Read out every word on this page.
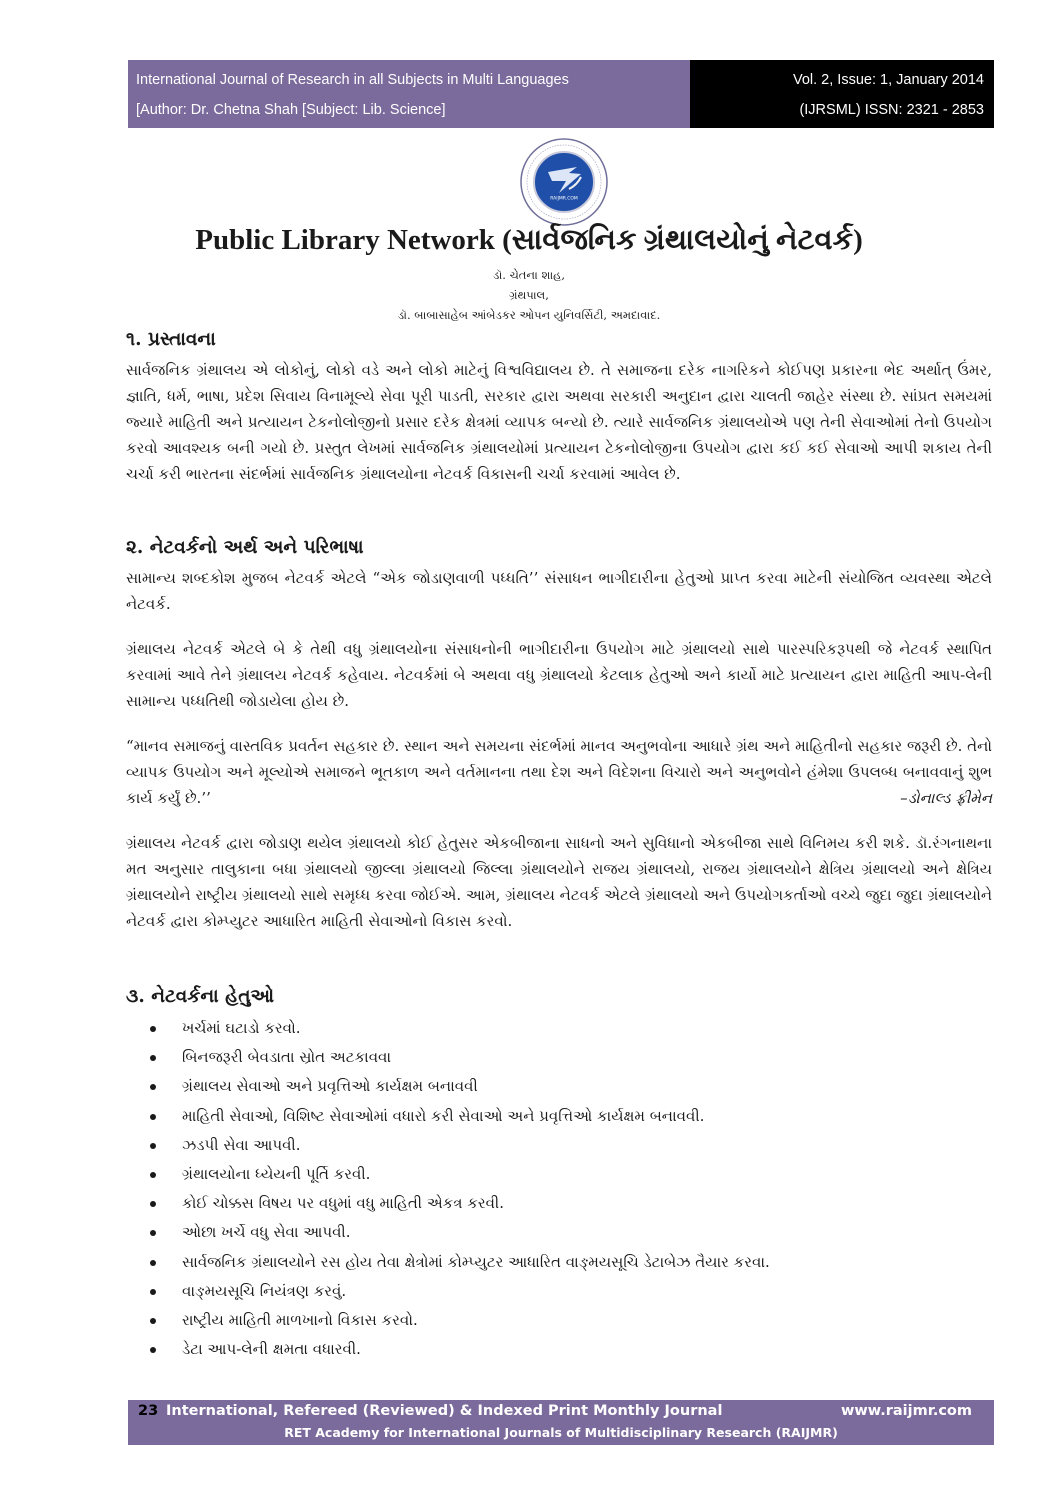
International Journal of Research in all Subjects in Multi Languages
[Author: Dr. Chetna Shah [Subject: Lib. Science]
Vol. 2, Issue: 1, January 2014
(IJRSML) ISSN: 2321 - 2853
RAIJMR.COM
Public Library Network (સાર્વજનિક ગ્રંથાલયોનું નેટવર્ક)
ડૉ. ચેતના શાહ,
ગ્રંથપાલ,
ડૉ. બાબાસાહેબ આંબેડકર ઓપન યુનિવર્સિટી, અમદાવાદ.
૧. પ્રસ્તાવના
સાર્વજનિક ગ્રંથાલય એ લોકોનું, લોકો વડે અને લોકો માટેનું વિશ્વવિદ્યાલય છે. તે સમાજના દરેક નાગરિકને કોઈપણ પ્રકારના ભેદ અર્થાત્ ઉંમર, જ્ઞાતિ, ધર્મ, ભાષા, પ્રદેશ સિવાય વિનામૂલ્યે સેવા પૂરી પાડતી, સરકાર દ્વારા અથવા સરકારી અનુદાન દ્વારા ચાલતી જાહેર સંસ્થા છે. સાંપ્રત સમયમાં જ્યારે માહિતી અને પ્રત્યાયન ટેકનોલોજીનો પ્રસાર દરેક ક્ષેત્રમાં વ્યાપક બન્યો છે. ત્યારે સાર્વજનિક ગ્રંથાલયોએ પણ તેની સેવાઓમાં તેનો ઉપયોગ કરવો આવશ્યક બની ગયો છે. પ્રસ્તુત લેખમાં સાર્વજનિક ગ્રંથાલયોમાં પ્રત્યાયન ટેકનોલોજીના ઉપયોગ દ્વારા કઈ કઈ સેવાઓ આપી શકાય તેની ચર્ચા કરી ભારતના સંદર્ભમાં સાર્વજનિક ગ્રંથાલયોના નેટવર્ક વિકાસની ચર્ચા કરવામાં આવેલ છે.
૨. નેટવર્કનો અર્થ અને પરિભાષા
સામાન્ય શબ્દકોશ મુજબ નેટવર્ક એટલે “એક જોડાણવાળી પધ્ધતિ’’ સંસાધન ભાગીદારીના હેતુઓ પ્રાપ્ત કરવા માટેની સંયોજિત વ્યવસ્થા એટલે નેટવર્ક.
ગ્રંથાલય નેટવર્ક એટલે બે કે તેથી વધુ ગ્રંથાલયોના સંસાધનોની ભાગીદારીના ઉપયોગ માટે ગ્રંથાલયો સાથે પારસ્પરિકરૂપથી જે નેટવર્ક સ્થાપિત કરવામાં આવે તેને ગ્રંથાલય નેટવર્ક કહેવાય. નેટવર્કમાં બે અથવા વધુ ગ્રંથાલયો કેટલાક હેતુઓ અને કાર્યો માટે પ્રત્યાયન દ્વારા માહિતી આપ-લેની સામાન્ય પધ્ધતિથી જોડાયેલા હોય છે.
“માનવ સમાજનું વાસ્તવિક પ્રવર્તન સહકાર છે. સ્થાન અને સમયના સંદર્ભમાં માનવ અનુભવોના આધારે ગ્રંથ અને માહિતીનો સહકાર જરૂરી છે. તેનો વ્યાપક ઉપયોગ અને મૂલ્યોએ સમાજને ભૂતકાળ અને વર્તમાનના તથા દેશ અને વિદેશના વિચારો અને અનુભવોને હંમેશા ઉપલબ્ધ બનાવવાનું શુભ કાર્ય કર્યું છે.’’	–ડોનાલ્ડ ફ્રીમેન
ગ્રંથાલય નેટવર્ક દ્વારા જોડાણ થયેલ ગ્રંથાલયો કોઈ હેતુસર એકબીજાના સાધનો અને સુવિધાનો એકબીજા સાથે વિનિમય કરી શકે. ડૉ.રંગનાથના મત અનુસાર તાલુકાના બધા ગ્રંથાલયો જીલ્લા ગ્રંથાલયો જિલ્લા ગ્રંથાલયોને રાજય ગ્રંથાલયો, રાજય ગ્રંથાલયોને ક્ષેત્રિય ગ્રંથાલયો અને ક્ષેત્રિય ગ્રંથાલયોને રાષ્ટ્રીય ગ્રંથાલયો સાથે સમૃધ્ધ કરવા જોઈએ. આમ, ગ્રંથાલય નેટવર્ક એટલે ગ્રંથાલયો અને ઉપયોગકર્તાઓ વચ્ચે જુદા જુદા ગ્રંથાલયોને નેટવર્ક દ્વારા કોમ્પ્યુટર આધારિત માહિતી સેવાઓનો વિકાસ કરવો.
૩. નેટવર્કના હેતુઓ
ખર્ચમાં ઘટાડો કરવો.
બિનજરૂરી બેવડાતા સ્રોત અટકાવવા
ગ્રંથાલય સેવાઓ અને પ્રવૃત્તિઓ કાર્યક્ષમ બનાવવી
માહિતી સેવાઓ, વિશિષ્ટ સેવાઓમાં વધારો કરી સેવાઓ અને પ્રવૃત્તિઓ કાર્યક્ષમ બનાવવી.
ઝડપી સેવા આપવી.
ગ્રંથાલયોના ધ્યેયની પૂર્તિ કરવી.
કોઈ ચોક્કસ વિષય પર વધુમાં વધુ માહિતી એકત્ર કરવી.
ઓછા ખર્ચે વધુ સેવા આપવી.
સાર્વજનિક ગ્રંથાલયોને રસ હોય તેવા ક્ષેત્રોમાં કોમ્પ્યુટર આધારિત વાઙ્મયસૂચિ ડેટાબેઝ તૈયાર કરવા.
વાઙ્મયસૂચિ નિયંત્રણ કરવું.
રાષ્ટ્રીય માહિતી માળખાનો વિકાસ કરવો.
ડેટા આપ-લેની ક્ષમતા વધારવી.
23 International, Refereed (Reviewed) & Indexed Print Monthly Journal	www.raijmr.com
RET Academy for International Journals of Multidisciplinary Research (RAIJMR)
